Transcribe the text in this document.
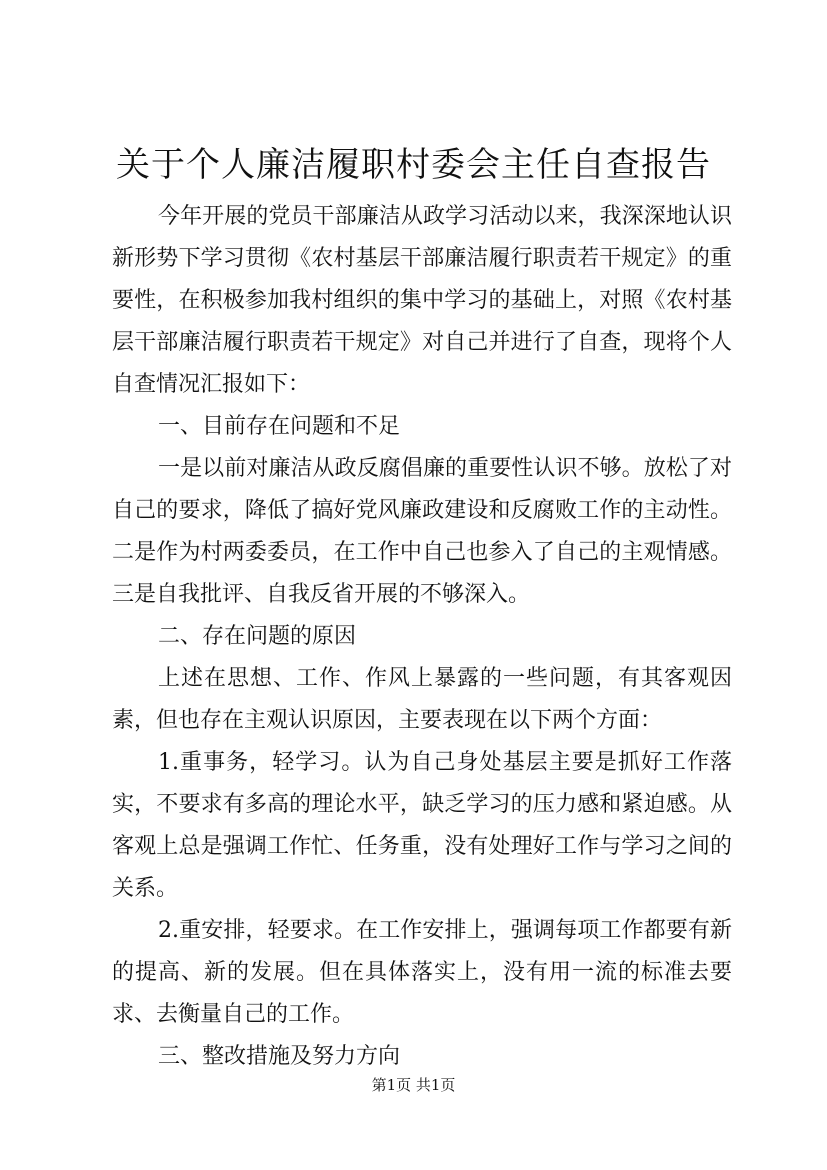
关于个人廉洁履职村委会主任自查报告

今年开展的党员干部廉洁从政学习活动以来，我深深地认识新形势下学习贯彻《农村基层干部廉洁履行职责若干规定》的重要性，在积极参加我村组织的集中学习的基础上，对照《农村基层干部廉洁履行职责若干规定》对自己并进行了自查，现将个人自查情况汇报如下：

一、目前存在问题和不足

一是以前对廉洁从政反腐倡廉的重要性认识不够。放松了对自己的要求，降低了搞好党风廉政建设和反腐败工作的主动性。二是作为村两委委员，在工作中自己也参入了自己的主观情感。三是自我批评、自我反省开展的不够深入。

二、存在问题的原因

上述在思想、工作、作风上暴露的一些问题，有其客观因素，但也存在主观认识原因，主要表现在以下两个方面：

1.重事务，轻学习。认为自己身处基层主要是抓好工作落实，不要求有多高的理论水平，缺乏学习的压力感和紧迫感。从客观上总是强调工作忙、任务重，没有处理好工作与学习之间的关系。

2.重安排，轻要求。在工作安排上，强调每项工作都要有新的提高、新的发展。但在具体落实上，没有用一流的标准去要求、去衡量自己的工作。

三、整改措施及努力方向

第1页 共1页
